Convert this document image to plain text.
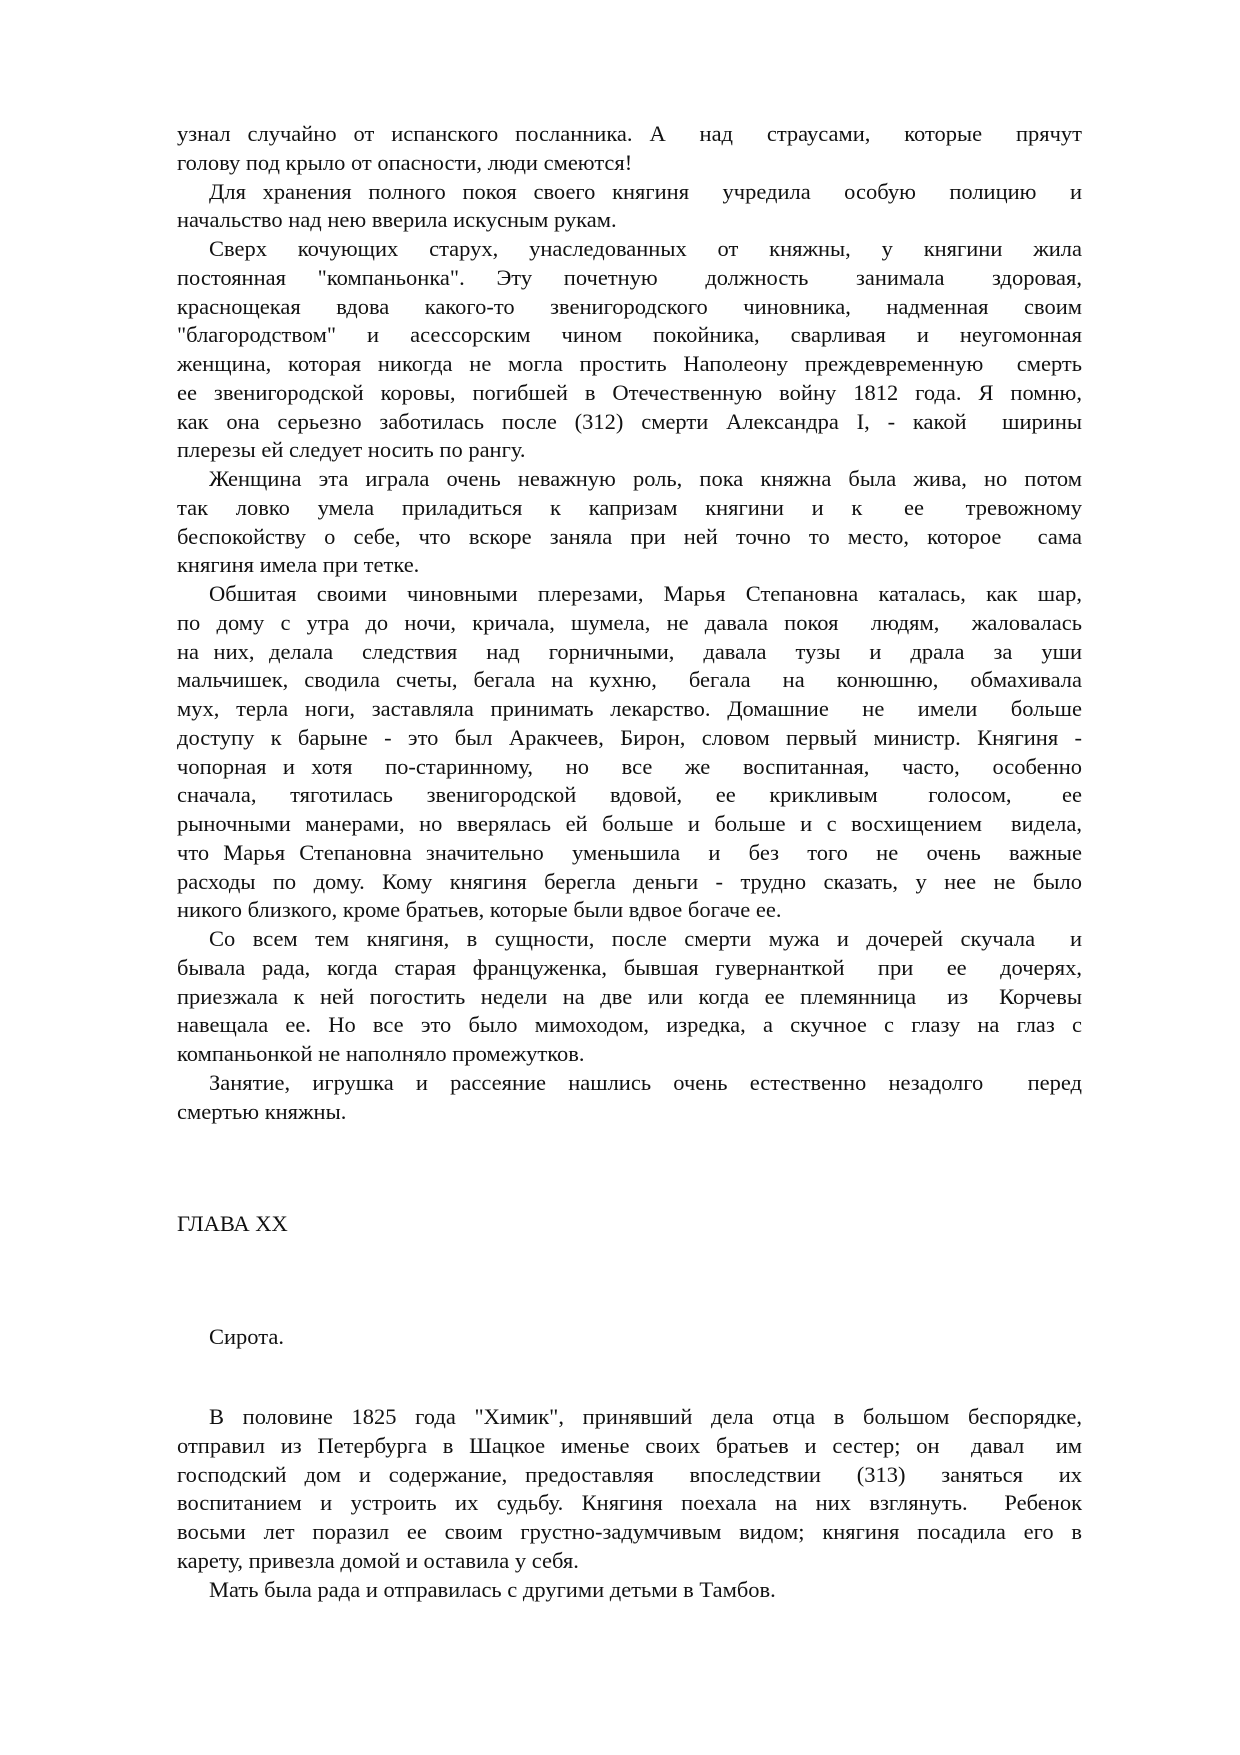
узнал случайно от испанского посланника. А  над  страусами,  которые  прячут
голову под крыло от опасности, люди смеются!
Для хранения полного покоя своего княгиня  учредила  особую  полицию  и
начальство над нею вверила искусным рукам.
Сверх  кочующих  старух,  унаследованных  от  княжны,  у  княгини  жила
постоянная  "компаньонка".  Эту  почетную   должность   занимала   здоровая,
краснощекая  вдова  какого-то  звенигородского  чиновника,  надменная  своим
"благородством"  и  асессорским  чином  покойника,  сварливая  и  неугомонная
женщина, которая никогда не могла простить Наполеону преждевременную  смерть
ее звенигородской коровы, погибшей в Отечественную войну 1812 года. Я помню,
как она серьезно заботилась после (312) смерти Александра I, - какой  ширины
плерезы ей следует носить по рангу.
Женщина эта играла очень неважную роль, пока княжна была жива, но потом
так  ловко  умела  приладиться  к  капризам  княгини  и  к   ее   тревожному
беспокойству о себе, что вскоре заняла при ней точно то место, которое  сама
княгиня имела при тетке.
Обшитая своими чиновными плерезами, Марья Степановна каталась, как шар,
по дому с утра до ночи, кричала, шумела, не давала покоя  людям,  жаловалась
на них, делала  следствия  над  горничными,  давала  тузы  и  драла  за  уши
мальчишек, сводила счеты, бегала на кухню,  бегала  на  конюшню,  обмахивала
мух, терла ноги, заставляла принимать лекарство. Домашние  не  имели  больше
доступу к барыне - это был Аракчеев, Бирон, словом первый министр. Княгиня -
чопорная и хотя  по-старинному,  но  все  же  воспитанная,  часто,  особенно
сначала,  тяготилась  звенигородской  вдовой,  ее  крикливым   голосом,   ее
рыночными манерами, но вверялась ей больше и больше и с восхищением  видела,
что Марья Степановна значительно  уменьшила  и  без  того  не  очень  важные
расходы по дому. Кому княгиня берегла деньги - трудно сказать, у нее не было
никого близкого, кроме братьев, которые были вдвое богаче ее.
Со всем тем княгиня, в сущности, после смерти мужа и дочерей скучала  и
бывала рада, когда старая француженка, бывшая гувернанткой  при  ее  дочерях,
приезжала к ней погостить недели на две или когда ее племянница  из  Корчевы
навещала ее. Но все это было мимоходом, изредка, а скучное с глазу на глаз с
компаньонкой не наполняло промежутков.
Занятие, игрушка и рассеяние нашлись очень естественно незадолго  перед
смертью княжны.
ГЛАВА XX
Сирота.
В половине 1825 года "Химик", принявший дела отца в большом беспорядке,
отправил из Петербурга в Шацкое именье своих братьев и сестер; он  давал  им
господский дом и содержание, предоставляя  впоследствии  (313)  заняться  их
воспитанием и устроить их судьбу. Княгиня поехала на них взглянуть.  Ребенок
восьми лет поразил ее своим грустно-задумчивым видом; княгиня посадила его в
карету, привезла домой и оставила у себя.
Мать была рада и отправилась с другими детьми в Тамбов.
